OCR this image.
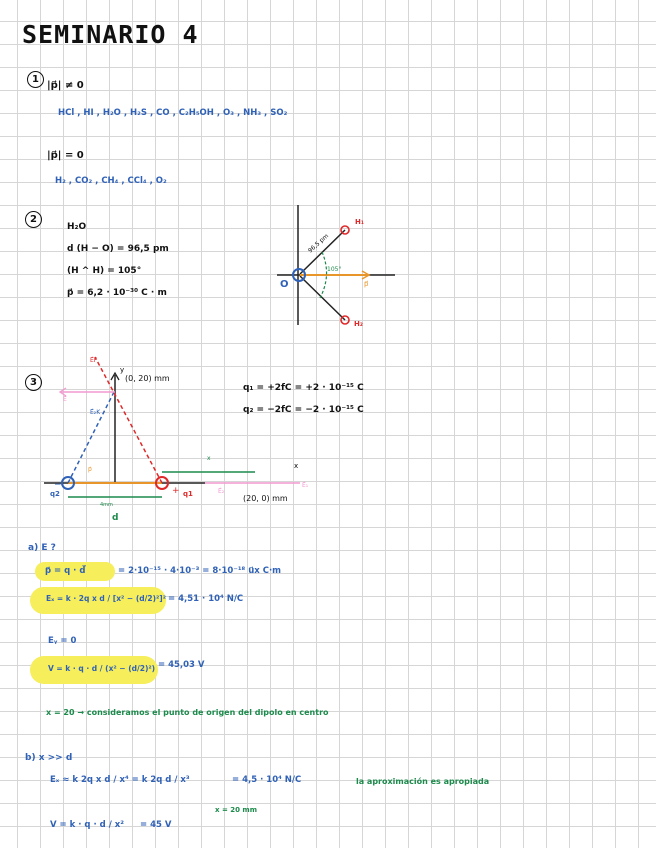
SEMINARIO 4
1
|p⃗| ≠ 0
HCl , HI , H₂O , H₂S , CO , C₂H₅OH , O₃ , NH₃ , SO₂
|p⃗| = 0
H₂ , CO₂ , CH₄ , CCl₄ , O₂
2
H₂O
d (H − O) = 96,5 pm
(H ^ H) = 105°
p⃗ = 6,2 · 10⁻³⁰ C · m
O
H₁
H₂
96,5 pm
105°
p⃗
3	(0, 20) mm
(20, 0) mm
q₁ = +2fC = +2 · 10⁻¹⁵ C
q₂ = −2fC = −2 · 10⁻¹⁵ C
y
x
q1
q2	+
−
d
4mm
x
E⃗₁
E⃗₂
E⃗
E⃗F
E⃗₂K
p⃗
a) E ?
p⃗ = q · d⃗	= 2·10⁻¹⁵ · 4·10⁻³ = 8·10⁻¹⁸ u⃗x C·m
Eₓ = k · 2q x d / [x² − (d/2)²]² = 4,51 · 10⁴ N/C
Eᵧ = 0
V = k · q · d / (x² − (d/2)²) = 45,03 V
x = 20 → consideramos el punto de origen del dipolo en centro
b) x >> d
Eₓ ≈ k 2q x d / x⁴ = k 2q d / x³	= 4,5 · 10⁴ N/C	la aproximación es apropiada
x = 20 mm
V = k · q · d / x² = 45 V
